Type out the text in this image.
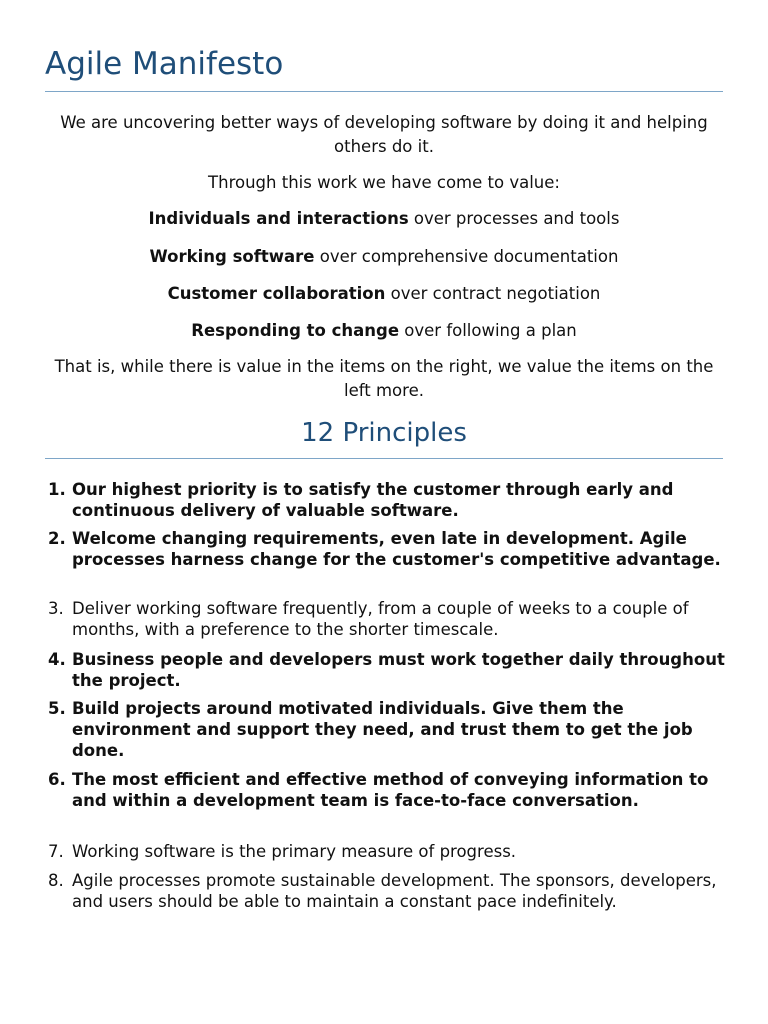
Agile Manifesto

We are uncovering better ways of developing software by doing it and helping others do it.

Through this work we have come to value:

Individuals and interactions over processes and tools

Working software over comprehensive documentation

Customer collaboration over contract negotiation

Responding to change over following a plan

That is, while there is value in the items on the right, we value the items on the left more.

12 Principles
1. Our highest priority is to satisfy the customer through early and continuous delivery of valuable software.
2. Welcome changing requirements, even late in development. Agile processes harness change for the customer's competitive advantage.
3. Deliver working software frequently, from a couple of weeks to a couple of months, with a preference to the shorter timescale.
4. Business people and developers must work together daily throughout the project.
5. Build projects around motivated individuals. Give them the environment and support they need, and trust them to get the job done.
6. The most efficient and effective method of conveying information to and within a development team is face-to-face conversation.
7. Working software is the primary measure of progress.
8. Agile processes promote sustainable development. The sponsors, developers, and users should be able to maintain a constant pace indefinitely.
